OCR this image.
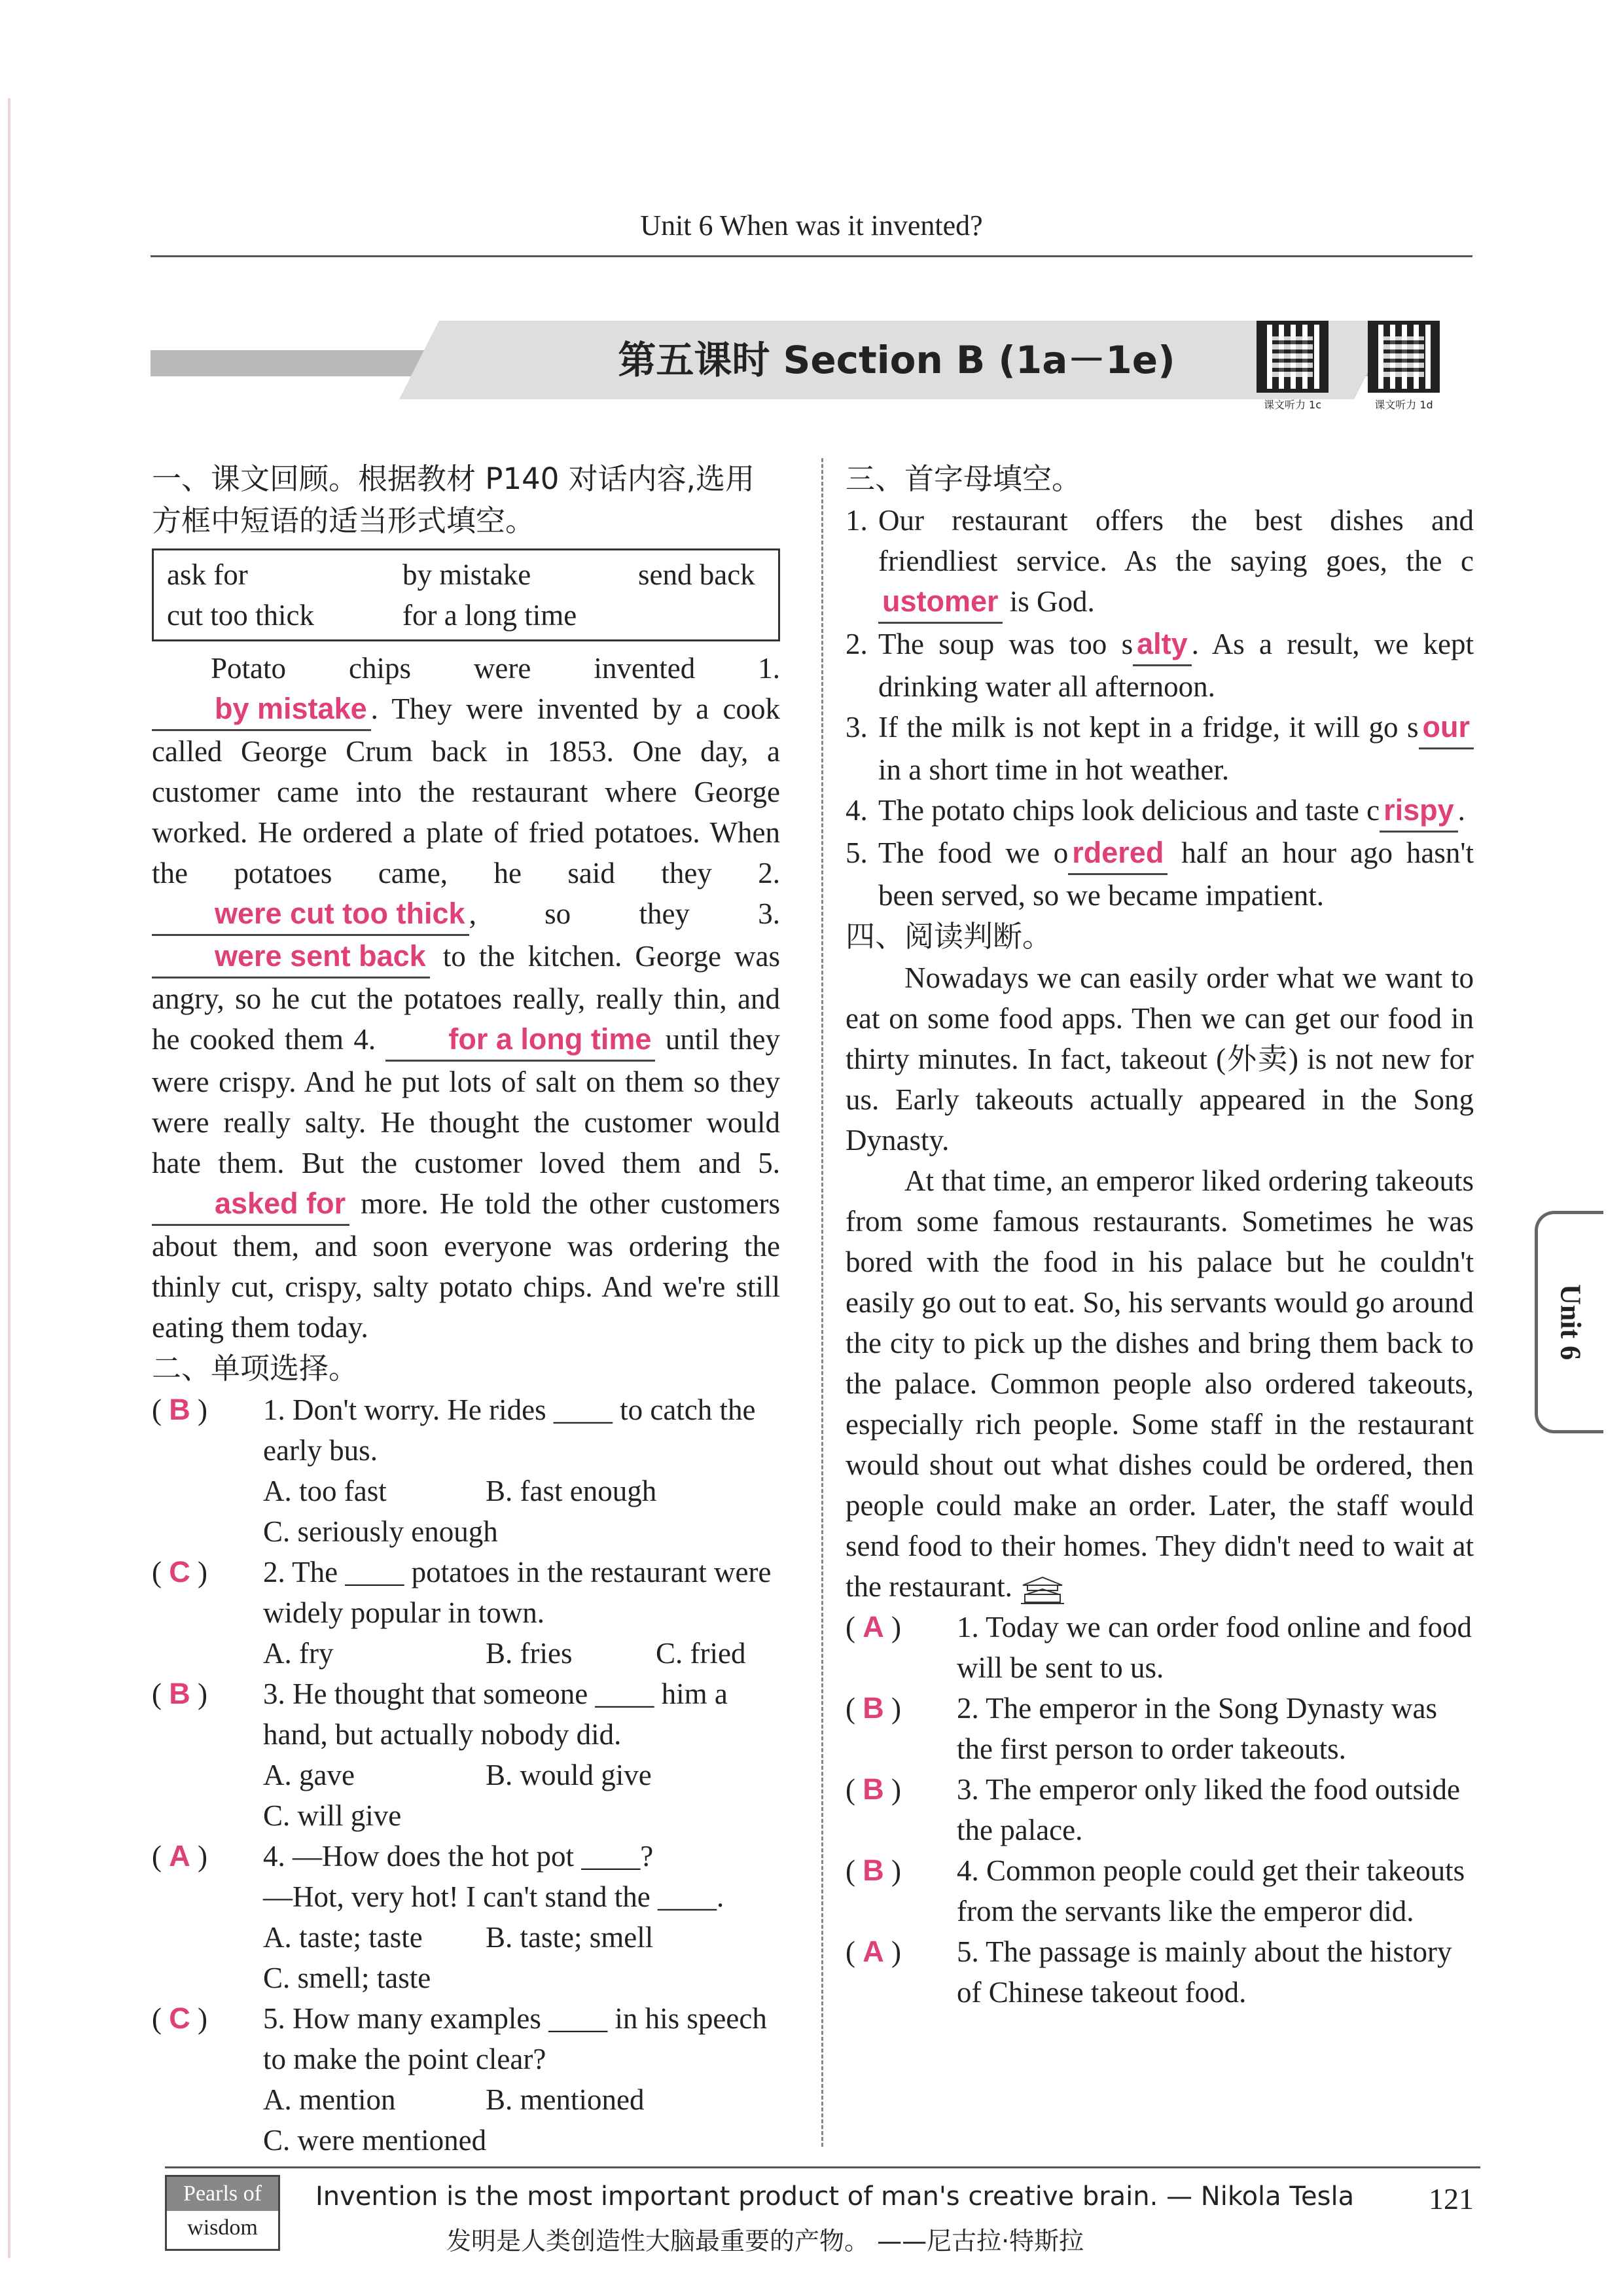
Unit 6 When was it invented?
第五课时 Section B (1a－1e)
课文听力 1c	课文听力 1d
一、课文回顾。根据教材 P140 对话内容,选用方框中短语的适当形式填空。
ask for	by mistake	send back
cut too thick	for a long time
Potato chips were invented 1. by mistake . They were invented by a cook called George Crum back in 1853. One day, a customer came into the restaurant where George worked. He ordered a plate of fried potatoes. When the potatoes came, he said they 2. were cut too thick , so they 3. were sent back to the kitchen. George was angry, so he cut the potatoes really, really thin, and he cooked them 4. for a long time until they were crispy. And he put lots of salt on them so they were really salty. He thought the customer would hate them. But the customer loved them and 5. asked for more. He told the other customers about them, and soon everyone was ordering the thinly cut, crispy, salty potato chips. And we're still eating them today.
二、单项选择。
( B ) 1. Don't worry. He rides ____ to catch the early bus.
A. too fast	B. fast enough
C. seriously enough
( C ) 2. The ____ potatoes in the restaurant were widely popular in town.
A. fry	B. fries	C. fried
( B ) 3. He thought that someone ____ him a hand, but actually nobody did.
A. gave	B. would give
C. will give
( A ) 4. —How does the hot pot ____?
—Hot, very hot! I can't stand the ____.
A. taste; taste B. taste; smell
C. smell; taste
( C ) 5. How many examples ____ in his speech to make the point clear?
A. mention	B. mentioned
C. were mentioned
三、首字母填空。
1. Our restaurant offers the best dishes and friendliest service. As the saying goes, the customer is God.
2. The soup was too s alty . As a result, we kept drinking water all afternoon.
3. If the milk is not kept in a fridge, it will go s our in a short time in hot weather.
4. The potato chips look delicious and taste c rispy .
5. The food we o rdered half an hour ago hasn't been served, so we became impatient.
四、阅读判断。
Nowadays we can easily order what we want to eat on some food apps. Then we can get our food in thirty minutes. In fact, takeout (外卖) is not new for us. Early takeouts actually appeared in the Song Dynasty.
At that time, an emperor liked ordering takeouts from some famous restaurants. Sometimes he was bored with the food in his palace but he couldn't easily go out to eat. So, his servants would go around the city to pick up the dishes and bring them back to the palace. Common people also ordered takeouts, especially rich people. Some staff in the restaurant would shout out what dishes could be ordered, then people could make an order. Later, the staff would send food to their homes. They didn't need to wait at the restaurant.
( A ) 1. Today we can order food online and food will be sent to us.
( B ) 2. The emperor in the Song Dynasty was the first person to order takeouts.
( B ) 3. The emperor only liked the food outside the palace.
( B ) 4. Common people could get their takeouts from the servants like the emperor did.
( A ) 5. The passage is mainly about the history of Chinese takeout food.
Unit 6
Pearls of
wisdom
Invention is the most important product of man's creative brain. — Nikola Tesla
发明是人类创造性大脑最重要的产物。 ——尼古拉·特斯拉
121
